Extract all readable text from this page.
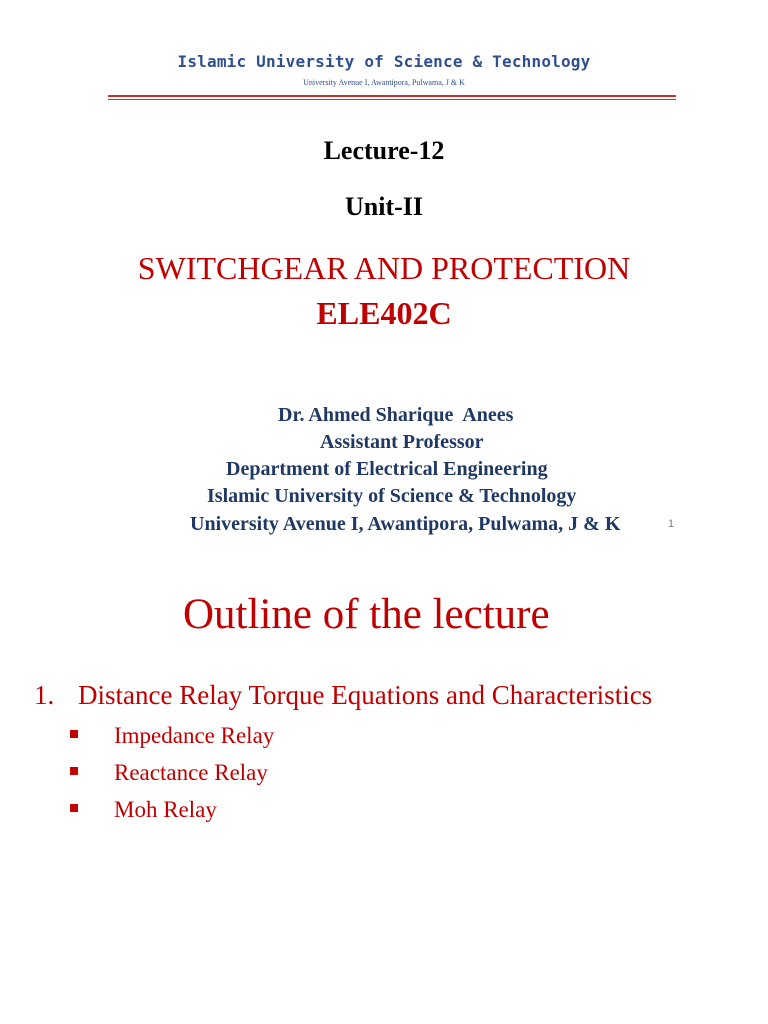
Islamic University of Science & Technology
University Avenue I, Awantipora, Pulwama, J & K
Lecture-12
Unit-II
SWITCHGEAR AND PROTECTION
ELE402C
Dr. Ahmed Sharique  Anees
Assistant Professor
Department of Electrical Engineering
Islamic University of Science & Technology
University Avenue I, Awantipora, Pulwama, J & K	1
Outline of the lecture
1. Distance Relay Torque Equations and Characteristics
Impedance Relay
Reactance Relay
Moh Relay
